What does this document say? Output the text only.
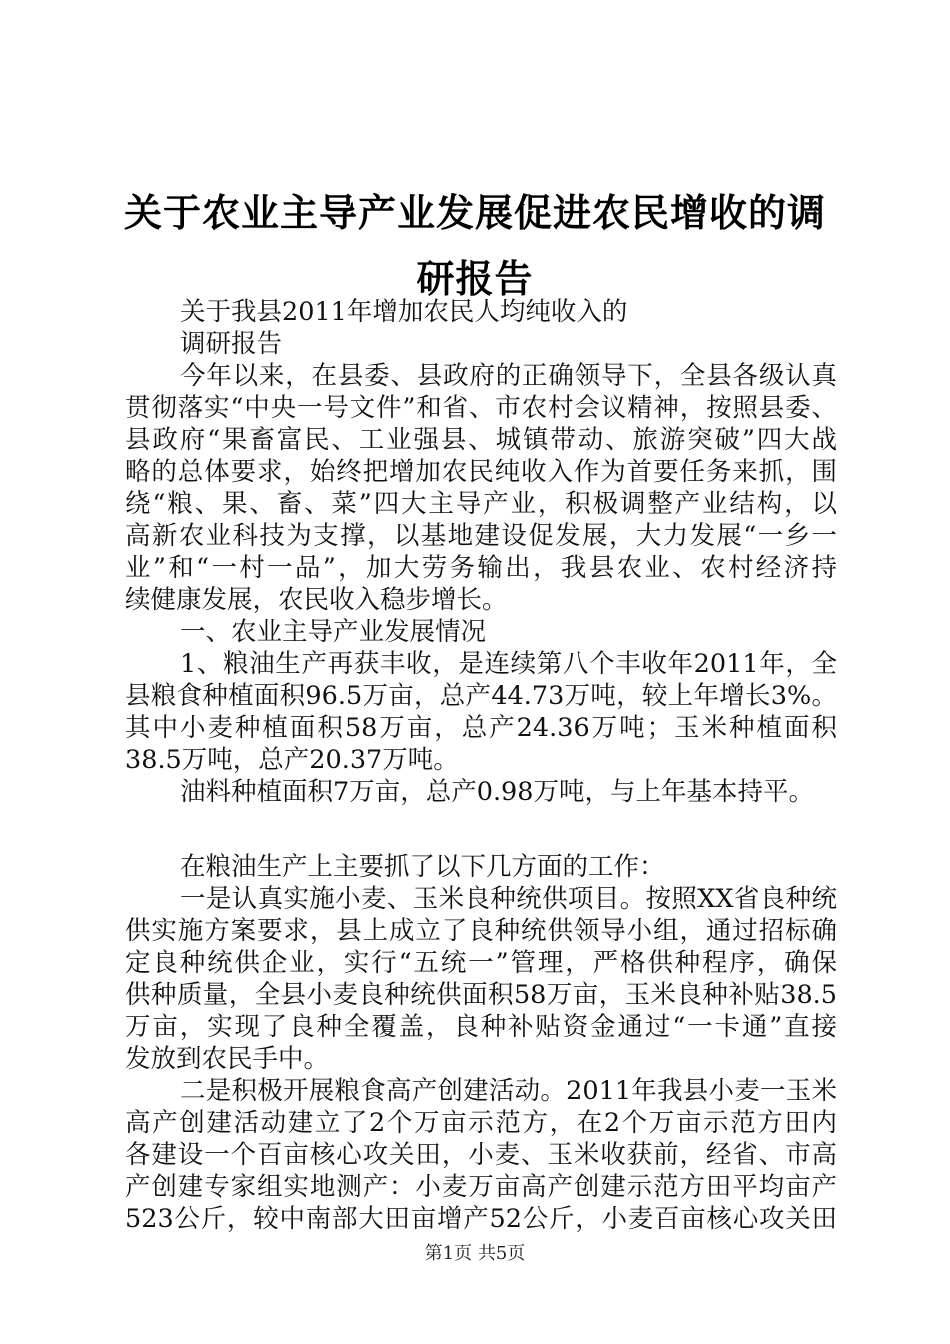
关于农业主导产业发展促进农民增收的调研报告
关于我县2011年增加农民人均纯收入的
调研报告
今年以来，在县委、县政府的正确领导下，全县各级认真
贯彻落实“中央一号文件”和省、市农村会议精神，按照县委、
县政府“果畜富民、工业强县、城镇带动、旅游突破”四大战
略的总体要求，始终把增加农民纯收入作为首要任务来抓，围
绕“粮、果、畜、菜”四大主导产业，积极调整产业结构，以
高新农业科技为支撑，以基地建设促发展，大力发展“一乡一
业”和“一村一品”，加大劳务输出，我县农业、农村经济持
续健康发展，农民收入稳步增长。
一、农业主导产业发展情况
1、粮油生产再获丰收，是连续第八个丰收年2011年，全
县粮食种植面积96.5万亩，总产44.73万吨，较上年增长3%。
其中小麦种植面积58万亩，总产24.36万吨；玉米种植面积
38.5万吨，总产20.37万吨。
油料种植面积7万亩，总产0.98万吨，与上年基本持平。
在粮油生产上主要抓了以下几方面的工作：
一是认真实施小麦、玉米良种统供项目。按照XX省良种统
供实施方案要求，县上成立了良种统供领导小组，通过招标确
定良种统供企业，实行“五统一”管理，严格供种程序，确保
供种质量，全县小麦良种统供面积58万亩，玉米良种补贴38.5
万亩，实现了良种全覆盖，良种补贴资金通过“一卡通”直接
发放到农民手中。
二是积极开展粮食高产创建活动。2011年我县小麦一玉米
高产创建活动建立了2个万亩示范方，在2个万亩示范方田内
各建设一个百亩核心攻关田，小麦、玉米收获前，经省、市高
产创建专家组实地测产：小麦万亩高产创建示范方田平均亩产
523公斤，较中南部大田亩增产52公斤，小麦百亩核心攻关田
第1页 共5页
